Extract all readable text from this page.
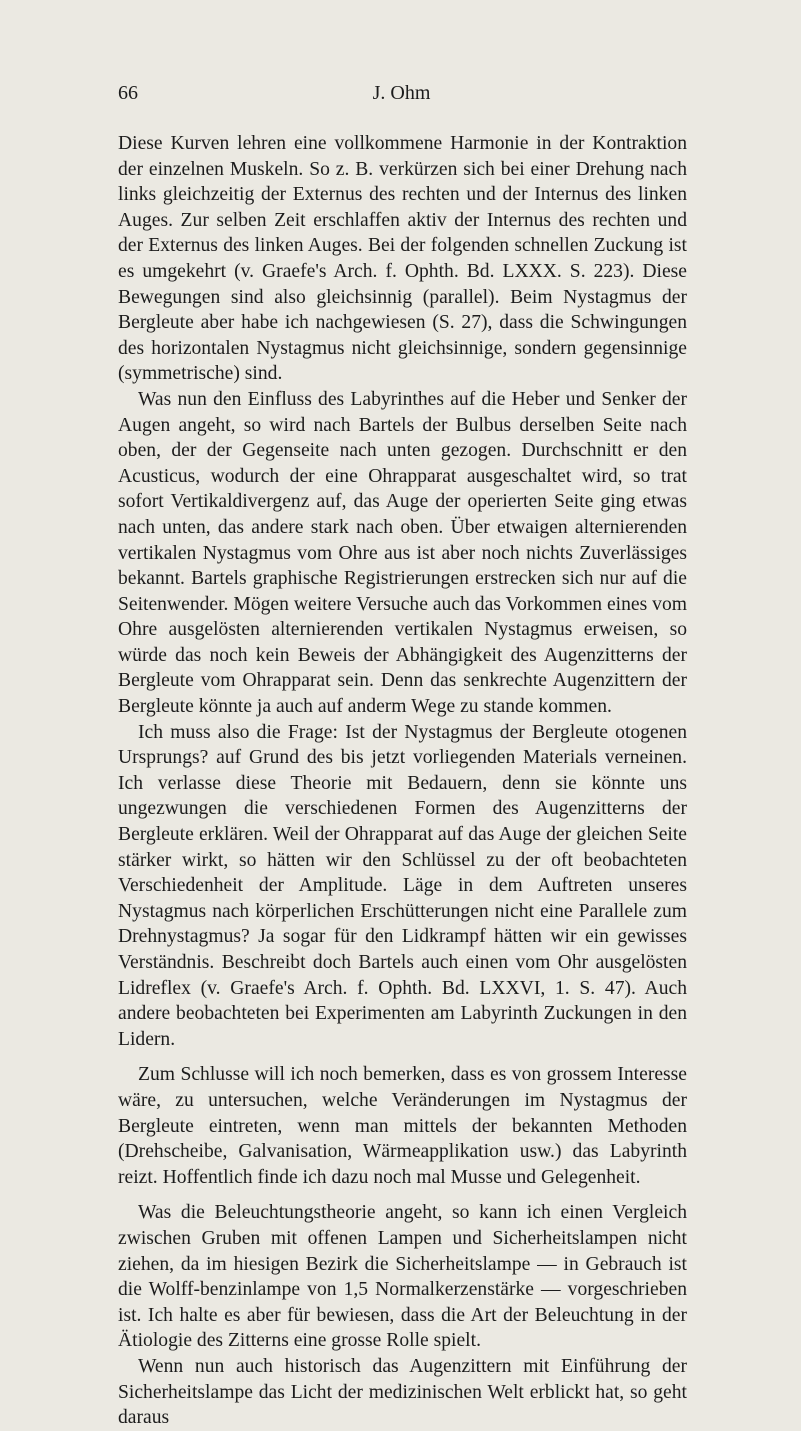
66	J. Ohm

Diese Kurven lehren eine vollkommene Harmonie in der Kontraktion der einzelnen Muskeln. So z. B. verkürzen sich bei einer Drehung nach links gleichzeitig der Externus des rechten und der Internus des linken Auges. Zur selben Zeit erschlaffen aktiv der Internus des rechten und der Externus des linken Auges. Bei der folgenden schnellen Zuckung ist es umgekehrt (v. Graefe's Arch. f. Ophth. Bd. LXXX. S. 223). Diese Bewegungen sind also gleichsinnig (parallel). Beim Nystagmus der Bergleute aber habe ich nachgewiesen (S. 27), dass die Schwingungen des horizontalen Nystagmus nicht gleichsinnige, sondern gegensinnige (symmetrische) sind.

Was nun den Einfluss des Labyrinthes auf die Heber und Senker der Augen angeht, so wird nach Bartels der Bulbus derselben Seite nach oben, der der Gegenseite nach unten gezogen. Durchschnitt er den Acusticus, wodurch der eine Ohrapparat ausgeschaltet wird, so trat sofort Vertikaldivergenz auf, das Auge der operierten Seite ging etwas nach unten, das andere stark nach oben. Über etwaigen alternierenden vertikalen Nystagmus vom Ohre aus ist aber noch nichts Zuverlässiges bekannt. Bartels graphische Registrierungen erstrecken sich nur auf die Seitenwender. Mögen weitere Versuche auch das Vorkommen eines vom Ohre ausgelösten alternierenden vertikalen Nystagmus erweisen, so würde das noch kein Beweis der Abhängigkeit des Augenzitterns der Bergleute vom Ohrapparat sein. Denn das senkrechte Augenzittern der Bergleute könnte ja auch auf anderm Wege zu stande kommen.

Ich muss also die Frage: Ist der Nystagmus der Bergleute otogenen Ursprungs? auf Grund des bis jetzt vorliegenden Materials verneinen. Ich verlasse diese Theorie mit Bedauern, denn sie könnte uns ungezwungen die verschiedenen Formen des Augenzitterns der Bergleute erklären. Weil der Ohrapparat auf das Auge der gleichen Seite stärker wirkt, so hätten wir den Schlüssel zu der oft beobachteten Verschiedenheit der Amplitude. Läge in dem Auftreten unseres Nystagmus nach körperlichen Erschütterungen nicht eine Parallele zum Drehnystagmus? Ja sogar für den Lidkrampf hätten wir ein gewisses Verständnis. Beschreibt doch Bartels auch einen vom Ohr ausgelösten Lidreflex (v. Graefe's Arch. f. Ophth. Bd. LXXVI, 1. S. 47). Auch andere beobachteten bei Experimenten am Labyrinth Zuckungen in den Lidern.

Zum Schlusse will ich noch bemerken, dass es von grossem Interesse wäre, zu untersuchen, welche Veränderungen im Nystagmus der Bergleute eintreten, wenn man mittels der bekannten Methoden (Drehscheibe, Galvanisation, Wärmeapplikation usw.) das Labyrinth reizt. Hoffentlich finde ich dazu noch mal Musse und Gelegenheit.

Was die Beleuchtungstheorie angeht, so kann ich einen Vergleich zwischen Gruben mit offenen Lampen und Sicherheitslampen nicht ziehen, da im hiesigen Bezirk die Sicherheitslampe — in Gebrauch ist die Wolff-benzinlampe von 1,5 Normalkerzenstärke — vorgeschrieben ist. Ich halte es aber für bewiesen, dass die Art der Beleuchtung in der Ätiologie des Zitterns eine grosse Rolle spielt.

Wenn nun auch historisch das Augenzittern mit Einführung der Sicherheitslampe das Licht der medizinischen Welt erblickt hat, so geht daraus
